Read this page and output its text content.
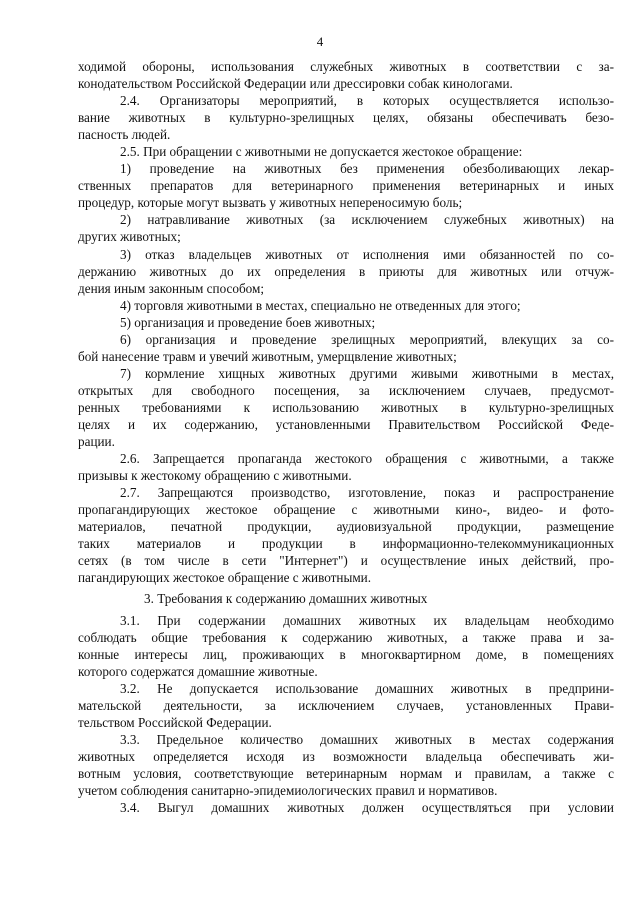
4
ходимой обороны, использования служебных животных в соответствии с за-
конодательством Российской Федерации или дрессировки собак кинологами.
2.4. Организаторы мероприятий, в которых осуществляется использо-
вание животных в культурно-зрелищных целях, обязаны обеспечивать безо-
пасность людей.
2.5. При обращении с животными не допускается жестокое обращение:
1) проведение на животных без применения обезболивающих лекар-
ственных препаратов для ветеринарного применения ветеринарных и иных
процедур, которые могут вызвать у животных непереносимую боль;
2) натравливание животных (за исключением служебных животных) на
других животных;
3) отказ владельцев животных от исполнения ими обязанностей по со-
держанию животных до их определения в приюты для животных или отчуж-
дения иным законным способом;
4) торговля животными в местах, специально не отведенных для этого;
5) организация и проведение боев животных;
6) организация и проведение зрелищных мероприятий, влекущих за со-
бой нанесение травм и увечий животным, умерщвление животных;
7) кормление хищных животных другими живыми животными в местах,
открытых для свободного посещения, за исключением случаев, предусмот-
ренных требованиями к использованию животных в культурно-зрелищных
целях и их содержанию, установленными Правительством Российской Феде-
рации.
2.6. Запрещается пропаганда жестокого обращения с животными, а также
призывы к жестокому обращению с животными.
2.7. Запрещаются производство, изготовление, показ и распространение
пропагандирующих жестокое обращение с животными кино-, видео- и фото-
материалов, печатной продукции, аудиовизуальной продукции, размещение
таких материалов и продукции в информационно-телекоммуникационных
сетях (в том числе в сети "Интернет") и осуществление иных действий, про-
пагандирующих жестокое обращение с животными.
3. Требования к содержанию домашних животных
3.1. При содержании домашних животных их владельцам необходимо
соблюдать общие требования к содержанию животных, а также права и за-
конные интересы лиц, проживающих в многоквартирном доме, в помещениях
которого содержатся домашние животные.
3.2. Не допускается использование домашних животных в предприни-
мательской деятельности, за исключением случаев, установленных Прави-
тельством Российской Федерации.
3.3. Предельное количество домашних животных в местах содержания
животных определяется исходя из возможности владельца обеспечивать жи-
вотным условия, соответствующие ветеринарным нормам и правилам, а также с
учетом соблюдения санитарно-эпидемиологических правил и нормативов.
3.4. Выгул домашних животных должен осуществляться при условии
